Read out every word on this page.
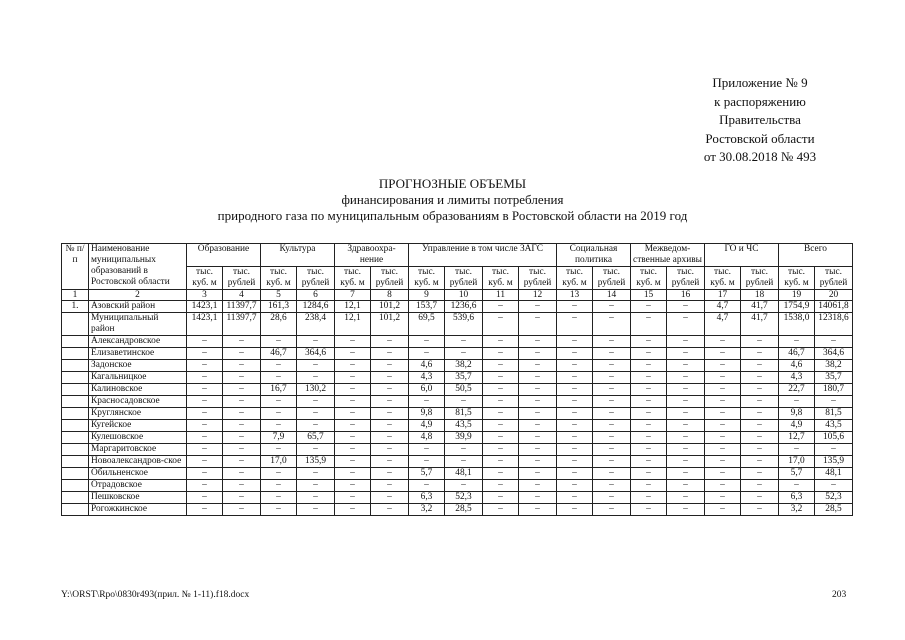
Приложение № 9
к распоряжению
Правительства
Ростовской области
от 30.08.2018 № 493
ПРОГНОЗНЫЕ ОБЪЕМЫ
финансирования и лимиты потребления
природного газа по муниципальным образованиям в Ростовской области на 2019 год
№ п/п	Наименование муниципальных образований в Ростовской области	Образование		Культура		Здравоохра-нение		Управление в том числе ЗАГС				Социальная политика		Межведом-ственные архивы		ГО и ЧС		Всего	
		тыс. куб. м	тыс. рублей	тыс. куб. м	тыс. рублей	тыс. куб. м	тыс. рублей	тыс. куб. м	тыс. рублей	тыс. куб. м	тыс. рублей	тыс. куб. м	тыс. рублей	тыс. куб. м	тыс. рублей	тыс. куб. м	тыс. рублей	тыс. куб. м	тыс. рублей
1	2	3	4	5	6	7	8	9	10	11	12	13	14	15	16	17	18	19	20
1.	Азовский район	1423,1	11397,7	161,3	1284,6	12,1	101,2	153,7	1236,6	–	–	–	–	–	–	4,7	41,7	1754,9	14061,8
	Муниципальный район	1423,1	11397,7	28,6	238,4	12,1	101,2	69,5	539,6	–	–	–	–	–	–	4,7	41,7	1538,0	12318,6
	Александровское	–	–	–	–	–	–	–	–	–	–	–	–	–	–	–	–	–	–
	Елизаветинское	–	–	46,7	364,6	–	–	–	–	–	–	–	–	–	–	–	–	46,7	364,6
	Задонское	–	–	–	–	–	–	4,6	38,2	–	–	–	–	–	–	–	–	4,6	38,2
	Кагальницкое	–	–	–	–	–	–	4,3	35,7	–	–	–	–	–	–	–	–	4,3	35,7
	Калиновское	–	–	16,7	130,2	–	–	6,0	50,5	–	–	–	–	–	–	–	–	22,7	180,7
	Красносадовское	–	–	–	–	–	–	–	–	–	–	–	–	–	–	–	–	–	–
	Круглянское	–	–	–	–	–	–	9,8	81,5	–	–	–	–	–	–	–	–	9,8	81,5
	Кугейское	–	–	–	–	–	–	4,9	43,5	–	–	–	–	–	–	–	–	4,9	43,5
	Кулешовское	–	–	7,9	65,7	–	–	4,8	39,9	–	–	–	–	–	–	–	–	12,7	105,6
	Маргаритовское	–	–	–	–	–	–	–	–	–	–	–	–	–	–	–	–	–	–
	Новоалександров-ское	–	–	17,0	135,9	–	–	–	–	–	–	–	–	–	–	–	–	17,0	135,9
	Обильненское	–	–	–	–	–	–	5,7	48,1	–	–	–	–	–	–	–	–	5,7	48,1
	Отрадовское	–	–	–	–	–	–	–	–	–	–	–	–	–	–	–	–	–	–
	Пешковское	–	–	–	–	–	–	6,3	52,3	–	–	–	–	–	–	–	–	6,3	52,3
	Рогожкинское	–	–	–	–	–	–	3,2	28,5	–	–	–	–	–	–	–	–	3,2	28,5
Y:\ORST\Rpo\0830r493(прил. № 1-11).f18.docx	203
